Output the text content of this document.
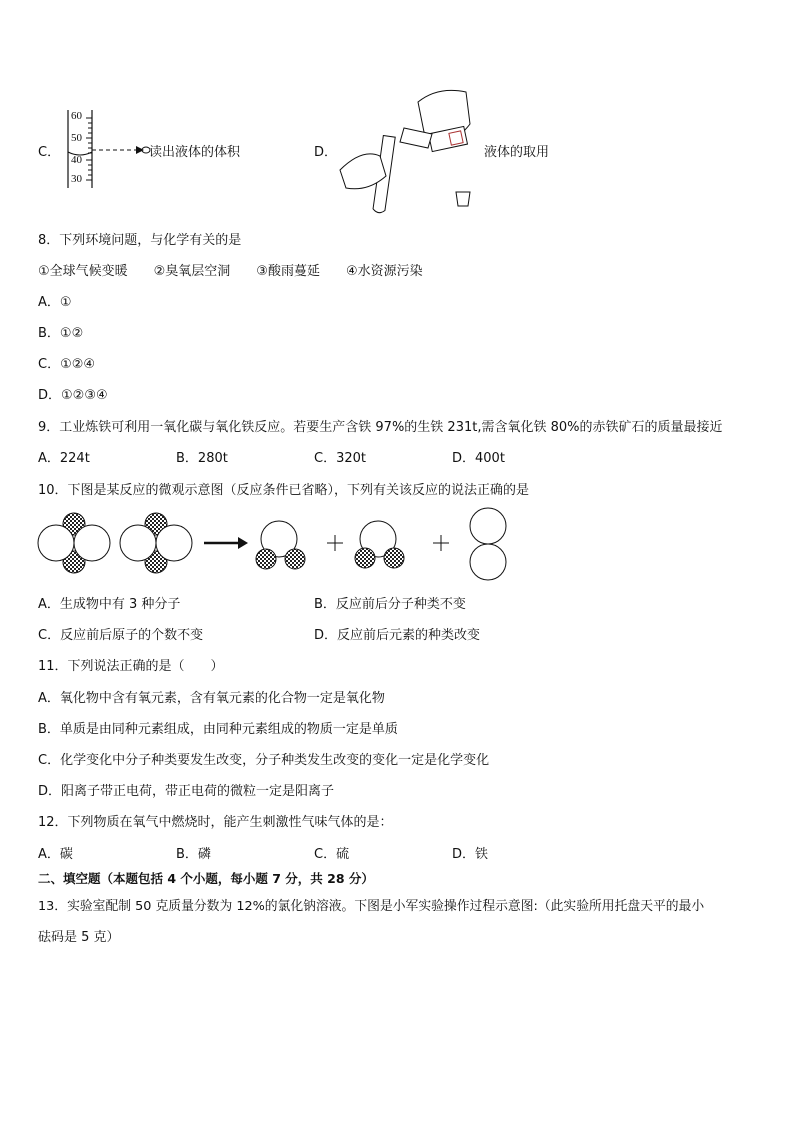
C．
60
50
40
30
读出液体的体积	D．	液体的取用
8．下列环境问题，与化学有关的是
①全球气候变暖　　②臭氧层空洞　　③酸雨蔓延　　④水资源污染
A．①
B．①②
C．①②④
D．①②③④
9．工业炼铁可利用一氧化碳与氧化铁反应。若要生产含铁 97%的生铁 231t,需含氧化铁 80%的赤铁矿石的质量最接近
A．224t	B．280t	C．320t	D．400t
10．下图是某反应的微观示意图（反应条件已省略），下列有关该反应的说法正确的是
A．生成物中有 3 种分子	B．反应前后分子种类不变
C．反应前后原子的个数不变	D．反应前后元素的种类改变
11．下列说法正确的是（　　）
A．氧化物中含有氧元素，含有氧元素的化合物一定是氧化物
B．单质是由同种元素组成，由同种元素组成的物质一定是单质
C．化学变化中分子种类要发生改变，分子种类发生改变的变化一定是化学变化
D．阳离子带正电荷，带正电荷的微粒一定是阳离子
12．下列物质在氧气中燃烧时，能产生刺激性气味气体的是：
A．碳	B．磷	C．硫	D．铁
二、填空题（本题包括 4 个小题，每小题 7 分，共 28 分）
13．实验室配制 50 克质量分数为 12%的氯化钠溶液。下图是小军实验操作过程示意图:（此实验所用托盘天平的最小
砝码是 5 克）
